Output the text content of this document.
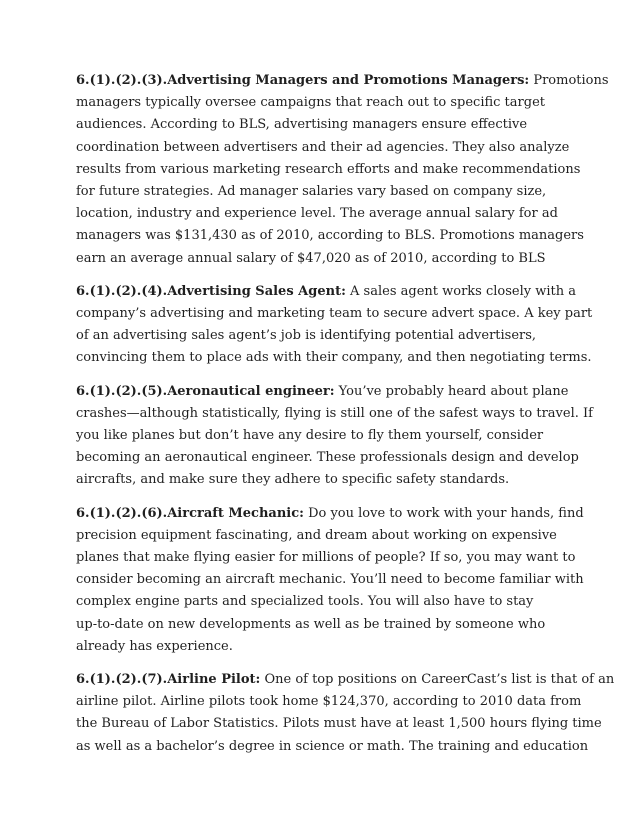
6.(1).(2).(3).Advertising Managers and Promotions Managers: Promotions
managers typically oversee campaigns that reach out to specific target
audiences. According to BLS, advertising managers ensure effective
coordination between advertisers and their ad agencies. They also analyze
results from various marketing research efforts and make recommendations
for future strategies. Ad manager salaries vary based on company size,
location, industry and experience level. The average annual salary for ad
managers was $131,430 as of 2010, according to BLS. Promotions managers
earn an average annual salary of $47,020 as of 2010, according to BLS

6.(1).(2).(4).Advertising Sales Agent: A sales agent works closely with a
company’s advertising and marketing team to secure advert space. A key part
of an advertising sales agent’s job is identifying potential advertisers,
convincing them to place ads with their company, and then negotiating terms.

6.(1).(2).(5).Aeronautical engineer: You’ve probably heard about plane
crashes—although statistically, flying is still one of the safest ways to travel. If
you like planes but don’t have any desire to fly them yourself, consider
becoming an aeronautical engineer. These professionals design and develop
aircrafts, and make sure they adhere to specific safety standards.

6.(1).(2).(6).Aircraft Mechanic: Do you love to work with your hands, find
precision equipment fascinating, and dream about working on expensive
planes that make flying easier for millions of people? If so, you may want to
consider becoming an aircraft mechanic. You’ll need to become familiar with
complex engine parts and specialized tools. You will also have to stay
up-to-date on new developments as well as be trained by someone who
already has experience.

6.(1).(2).(7).Airline Pilot: One of top positions on CareerCast’s list is that of an
airline pilot. Airline pilots took home $124,370, according to 2010 data from
the Bureau of Labor Statistics. Pilots must have at least 1,500 hours flying time
as well as a bachelor’s degree in science or math. The training and education
